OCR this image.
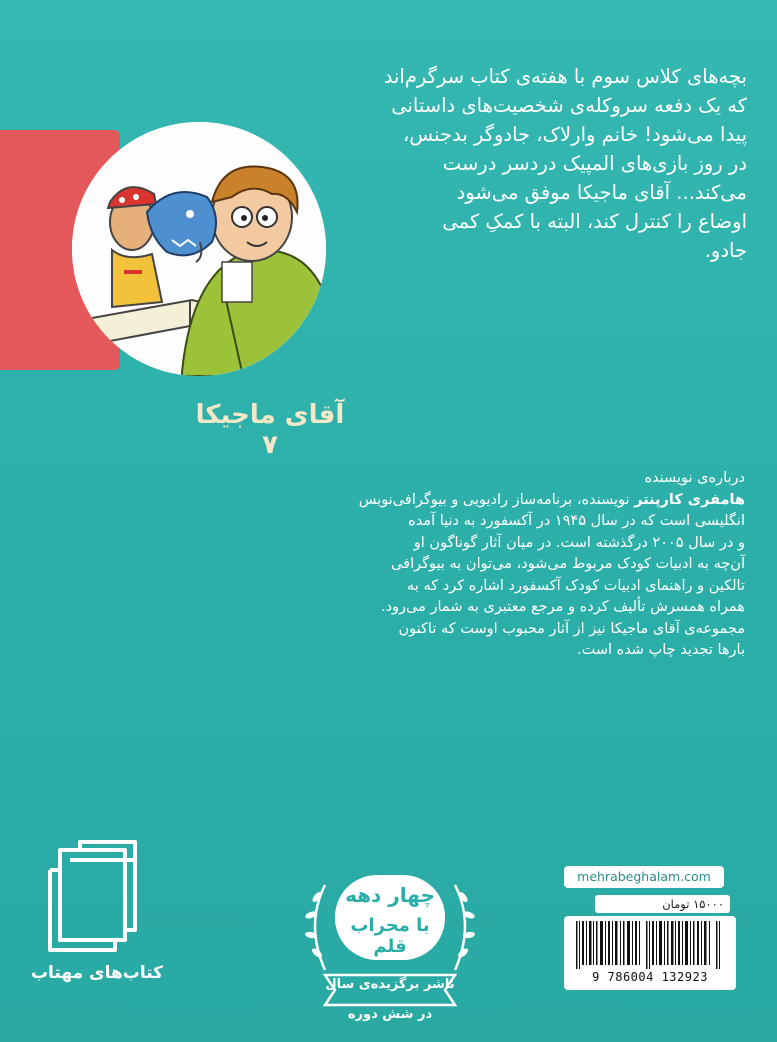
آقای ماجیکا ۷
بچه‌های کلاس سوم با هفته‌ی کتاب سرگرم‌اند
که یک دفعه سروکله‌ی شخصیت‌های داستانی
پیدا می‌شود! خانم وارلاک، جادوگر بدجنس،
در روز بازی‌های المپیک دردسر درست
می‌کند... آقای ماجیکا موفق می‌شود
اوضاع را کنترل کند، البته با کمکِ کمی
جادو.
درباره‌ی نویسنده
هامفری کارپنتر نویسنده، برنامه‌ساز رادیویی و بیوگرافی‌نویس
انگلیسی است که در سال ۱۹۴۵ در آکسفورد به دنیا آمده
و در سال ۲۰۰۵ درگذشته است. در میان آثار گوناگون او
آن‌چه به ادبیات کودک مربوط می‌شود، می‌توان به بیوگرافی
تالکین و راهنمای ادبیات کودک آکسفورد اشاره کرد که به
همراه همسرش تألیف کرده و مرجع معتبری به شمار می‌رود.
مجموعه‌ی آقای ماجیکا نیز از آثار محبوب اوست که تاکنون
بارها تجدید چاپ شده است.
کتاب‌های مهتاب
چهار دهه
با محراب قلم
ناشر برگزیده‌ی سال
در شش دوره
mehrabeghalam.com
۱۵۰۰۰ تومان
9 786004 132923
